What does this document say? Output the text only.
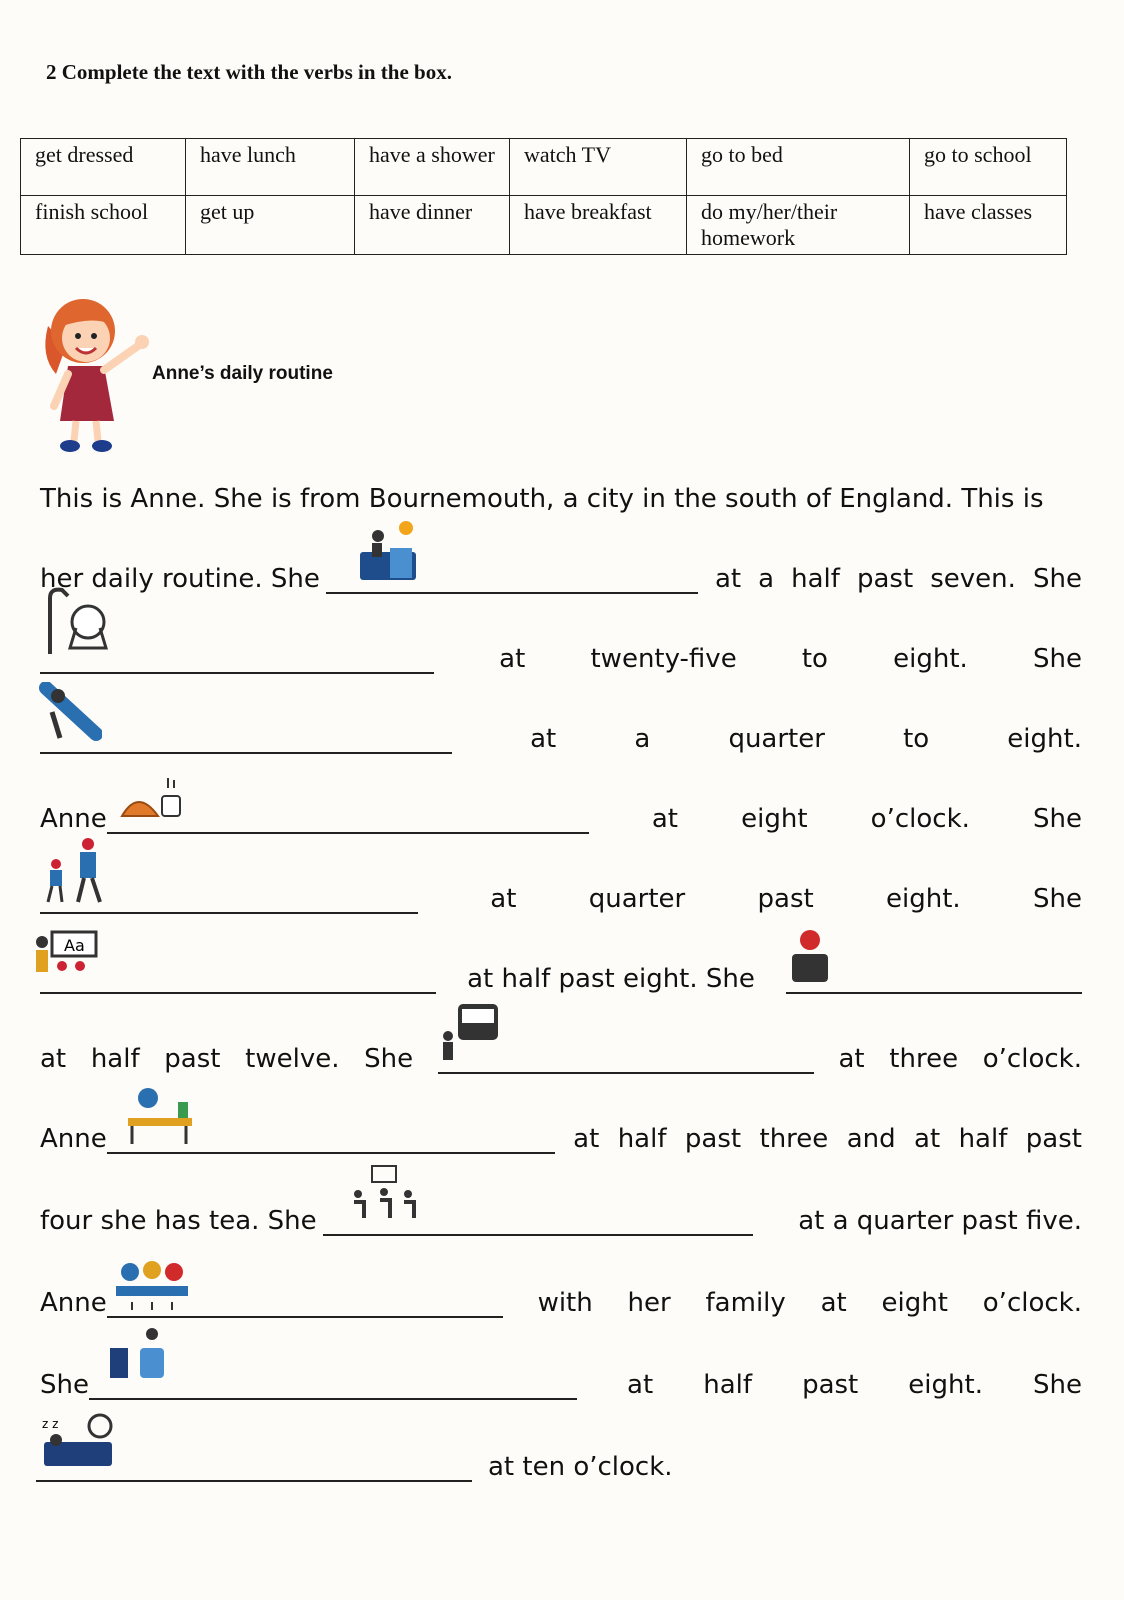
2 Complete the text with the verbs in the box.
get dressed	have lunch	have a shower	watch TV	go to bed	go to school
finish school	get up	have dinner	have breakfast	do my/her/their homework	have classes
Anne’s daily routine
This is Anne. She is from Bournemouth, a city in the south of England. This is
her daily routine. She	at a half past seven. She
at	twenty-five	to	eight.	She
at	a	quarter	to	eight.
Anne	at eight o’clock. She
at	quarter	past	eight.	She
at half past eight. She
Aa
at half past twelve. She	at three o’clock.
Anne	at half past three and at half past
four she has tea. She	at a quarter past five.
Anne	with her family at eight o’clock.
She	at half past eight. She
at ten o’clock.
z z
